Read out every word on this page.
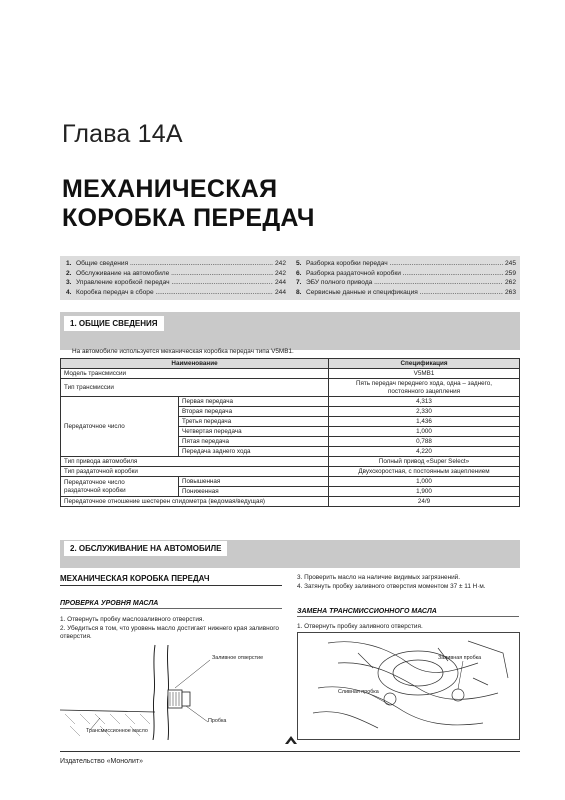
Глава 14А
МЕХАНИЧЕСКАЯ
КОРОБКА ПЕРЕДАЧ
1. Общие сведения .....	242
2. Обслуживание на автомобиле .....	242
3. Управление коробкой передач .....	244
4. Коробка передач в сборе .....	244
5. Разборка коробки передач .....	245
6. Разборка раздаточной коробки .....	259
7. ЭБУ полного привода .....	262
8. Сервисные данные и спецификация .....	263
1. ОБЩИЕ СВЕДЕНИЯ
На автомобиле используется механическая коробка передач типа V5MB1.
Наименование		Спецификация
Модель трансмиссии		V5MB1
Тип трансмиссии		Пять передач переднего хода, одна – заднего,
постоянного зацепления

Передаточное число	Первая передача	4,313
	Вторая передача	2,330
	Третья передача	1,436
	Четвертая передача	1,000
	Пятая передача	0,788
	Передача заднего хода	4,220
Тип привода автомобиля		Полный привод «Super Select»
Тип раздаточной коробки		Двухскоростная, с постоянным зацеплением

Передаточное число
раздаточной коробки	Повышенная	1,000
	Пониженная	1,900
Передаточное отношение шестерен спидометра (ведомая/ведущая)		24/9
2. ОБСЛУЖИВАНИЕ НА АВТОМОБИЛЕ
МЕХАНИЧЕСКАЯ КОРОБКА ПЕРЕДАЧ
ПРОВЕРКА УРОВНЯ МАСЛА
1. Отвернуть пробку маслозаливного отверстия.
2. Убедиться в том, что уровень масло достигает нижнего края заливного отверстия.
3. Проверить масло на наличие видимых загрязнений.
4. Затянуть пробку заливного отверстия моментом 37 ± 11 Н·м.
ЗАМЕНА ТРАНСМИССИОННОГО МАСЛА
1. Отвернуть пробку заливного отверстия.
Заливное отверстие
Пробка
Трансмиссионное масло
Заливная пробка
Сливная пробка
Издательство «Монолит»
